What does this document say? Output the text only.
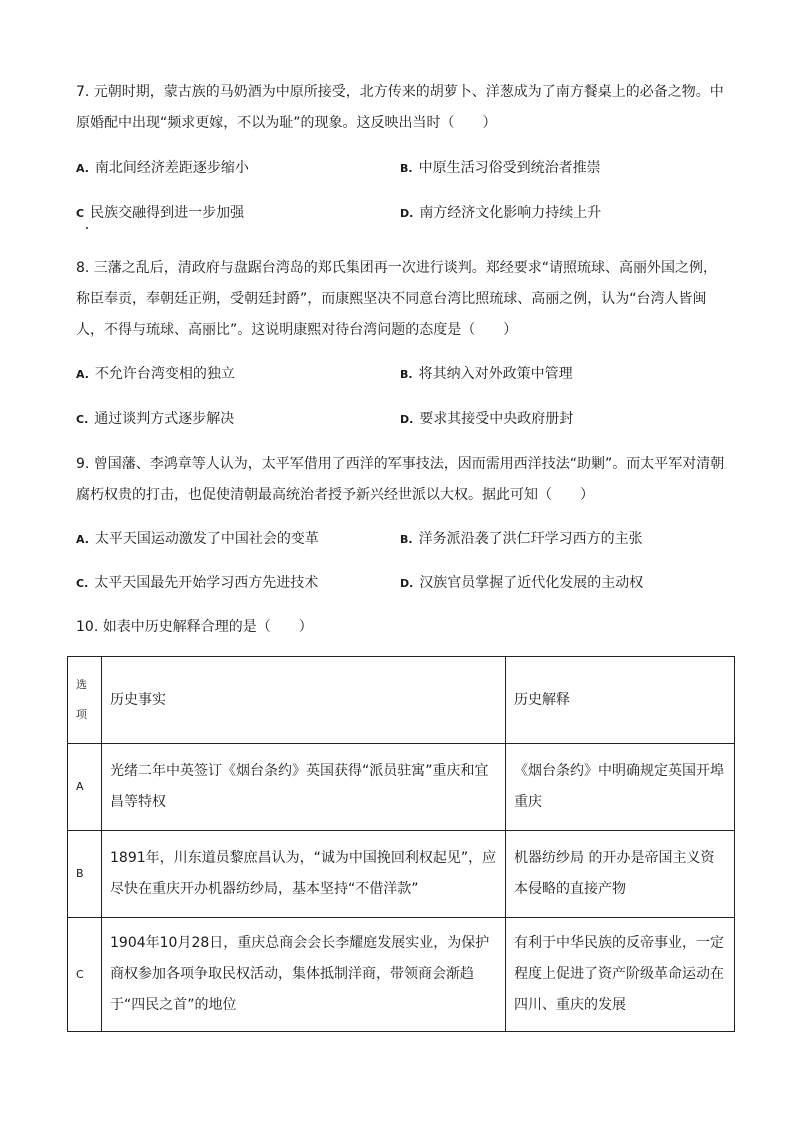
7. 元朝时期，蒙古族的马奶酒为中原所接受，北方传来的胡萝卜、洋葱成为了南方餐桌上的必备之物。中原婚配中出现“频求更嫁，不以为耻”的现象。这反映出当时（　　）
A. 南北间经济差距逐步缩小	B. 中原生活习俗受到统治者推崇
C 民族交融得到进一步加强	D. 南方经济文化影响力持续上升
8. 三藩之乱后，清政府与盘踞台湾岛的郑氏集团再一次进行谈判。郑经要求“请照琉球、高丽外国之例，称臣奉贡，奉朝廷正朔，受朝廷封爵”，而康熙坚决不同意台湾比照琉球、高丽之例，认为“台湾人皆闽人，不得与琉球、高丽比”。这说明康熙对待台湾问题的态度是（　　）
A. 不允许台湾变相的独立	B. 将其纳入对外政策中管理
C. 通过谈判方式逐步解决	D. 要求其接受中央政府册封
9. 曾国藩、李鸿章等人认为，太平军借用了西洋的军事技法，因而需用西洋技法“助剿”。而太平军对清朝腐朽权贵的打击，也促使清朝最高统治者授予新兴经世派以大权。据此可知（　　）
A. 太平天国运动激发了中国社会的变革	B. 洋务派沿袭了洪仁玕学习西方的主张
C. 太平天国最先开始学习西方先进技术	D. 汉族官员掌握了近代化发展的主动权
10. 如表中历史解释合理的是（　　）
选项	历史事实	历史解释
A	光绪二年中英签订《烟台条约》英国获得“派员驻寓”重庆和宜昌等特权	《烟台条约》中明确规定英国开埠重庆
B	1891年，川东道员黎庶昌认为，“诚为中国挽回利权起见”，应尽快在重庆开办机器纺纱局，基本坚持“不借洋款”	机器纺纱局 的开办是帝国主义资本侵略的直接产物
C	1904年10月28日，重庆总商会会长李耀庭发展实业，为保护商权参加各项争取民权活动，集体抵制洋商，带领商会渐趋于“四民之首”的地位	有利于中华民族的反帝事业，一定程度上促进了资产阶级革命运动在四川、重庆的发展
